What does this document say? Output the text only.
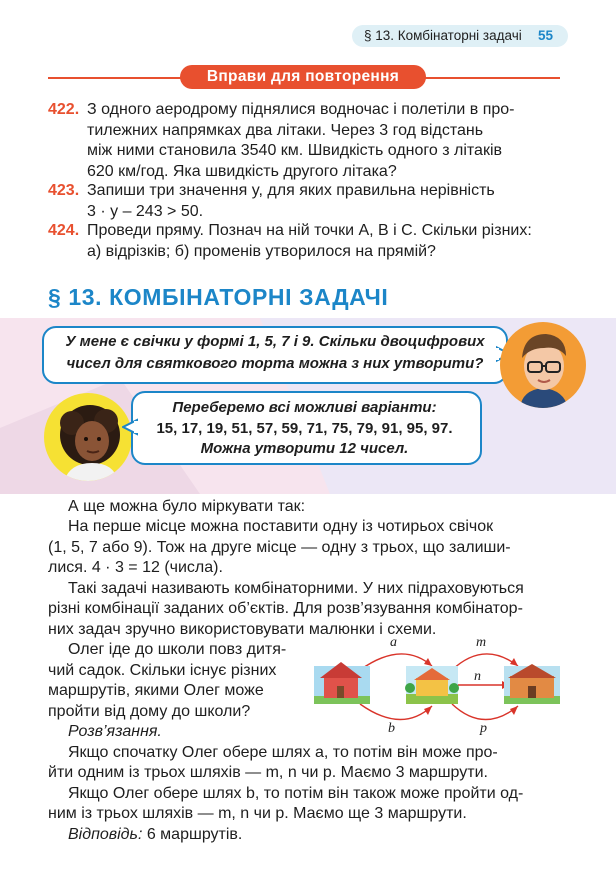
§ 13. Комбінаторні задачі 55
Вправи для повторення
422. З одного аеродрому піднялися водночас і полетіли в про-
тилежних напрямках два літаки. Через 3 год відстань
між ними становила 3540 км. Швидкість одного з літаків
620 км/год. Яка швидкість другого літака?
423. Запиши три значення y, для яких правильна нерівність
3 · y – 243 > 50.
424. Проведи пряму. Познач на ній точки A, B і C. Скільки різних:
а) відрізків; б) променів утворилося на прямій?
§ 13. КОМБІНАТОРНІ ЗАДАЧІ
У мене є свічки у формі 1, 5, 7 і 9. Скільки двоцифрових
чисел для святкового торта можна з них утворити?
Переберемо всі можливі варіанти:
15, 17, 19, 51, 57, 59, 71, 75, 79, 91, 95, 97.
Можна утворити 12 чисел.
А ще можна було міркувати так:
На перше місце можна поставити одну із чотирьох свічок
(1, 5, 7 або 9). Тож на друге місце — одну з трьох, що залиши-
лися. 4 · 3 = 12 (числа).
Такі задачі називають комбінаторними. У них підраховуються
різні комбінації заданих об’єктів. Для розв’язування комбінатор-
них задач зручно використовувати малюнки і схеми.
Олег іде до школи повз дитя-
чий садок. Скільки існує різних
маршрутів, якими Олег може
пройти від дому до школи?
Розв’язання.
a
b
m
n
p
Якщо спочатку Олег обере шлях a, то потім він може про-
йти одним із трьох шляхів — m, n чи p. Маємо 3 маршрути.
Якщо Олег обере шлях b, то потім він також може пройти од-
ним із трьох шляхів — m, n чи p. Маємо ще 3 маршрути.
Відповідь: 6 маршрутів.
